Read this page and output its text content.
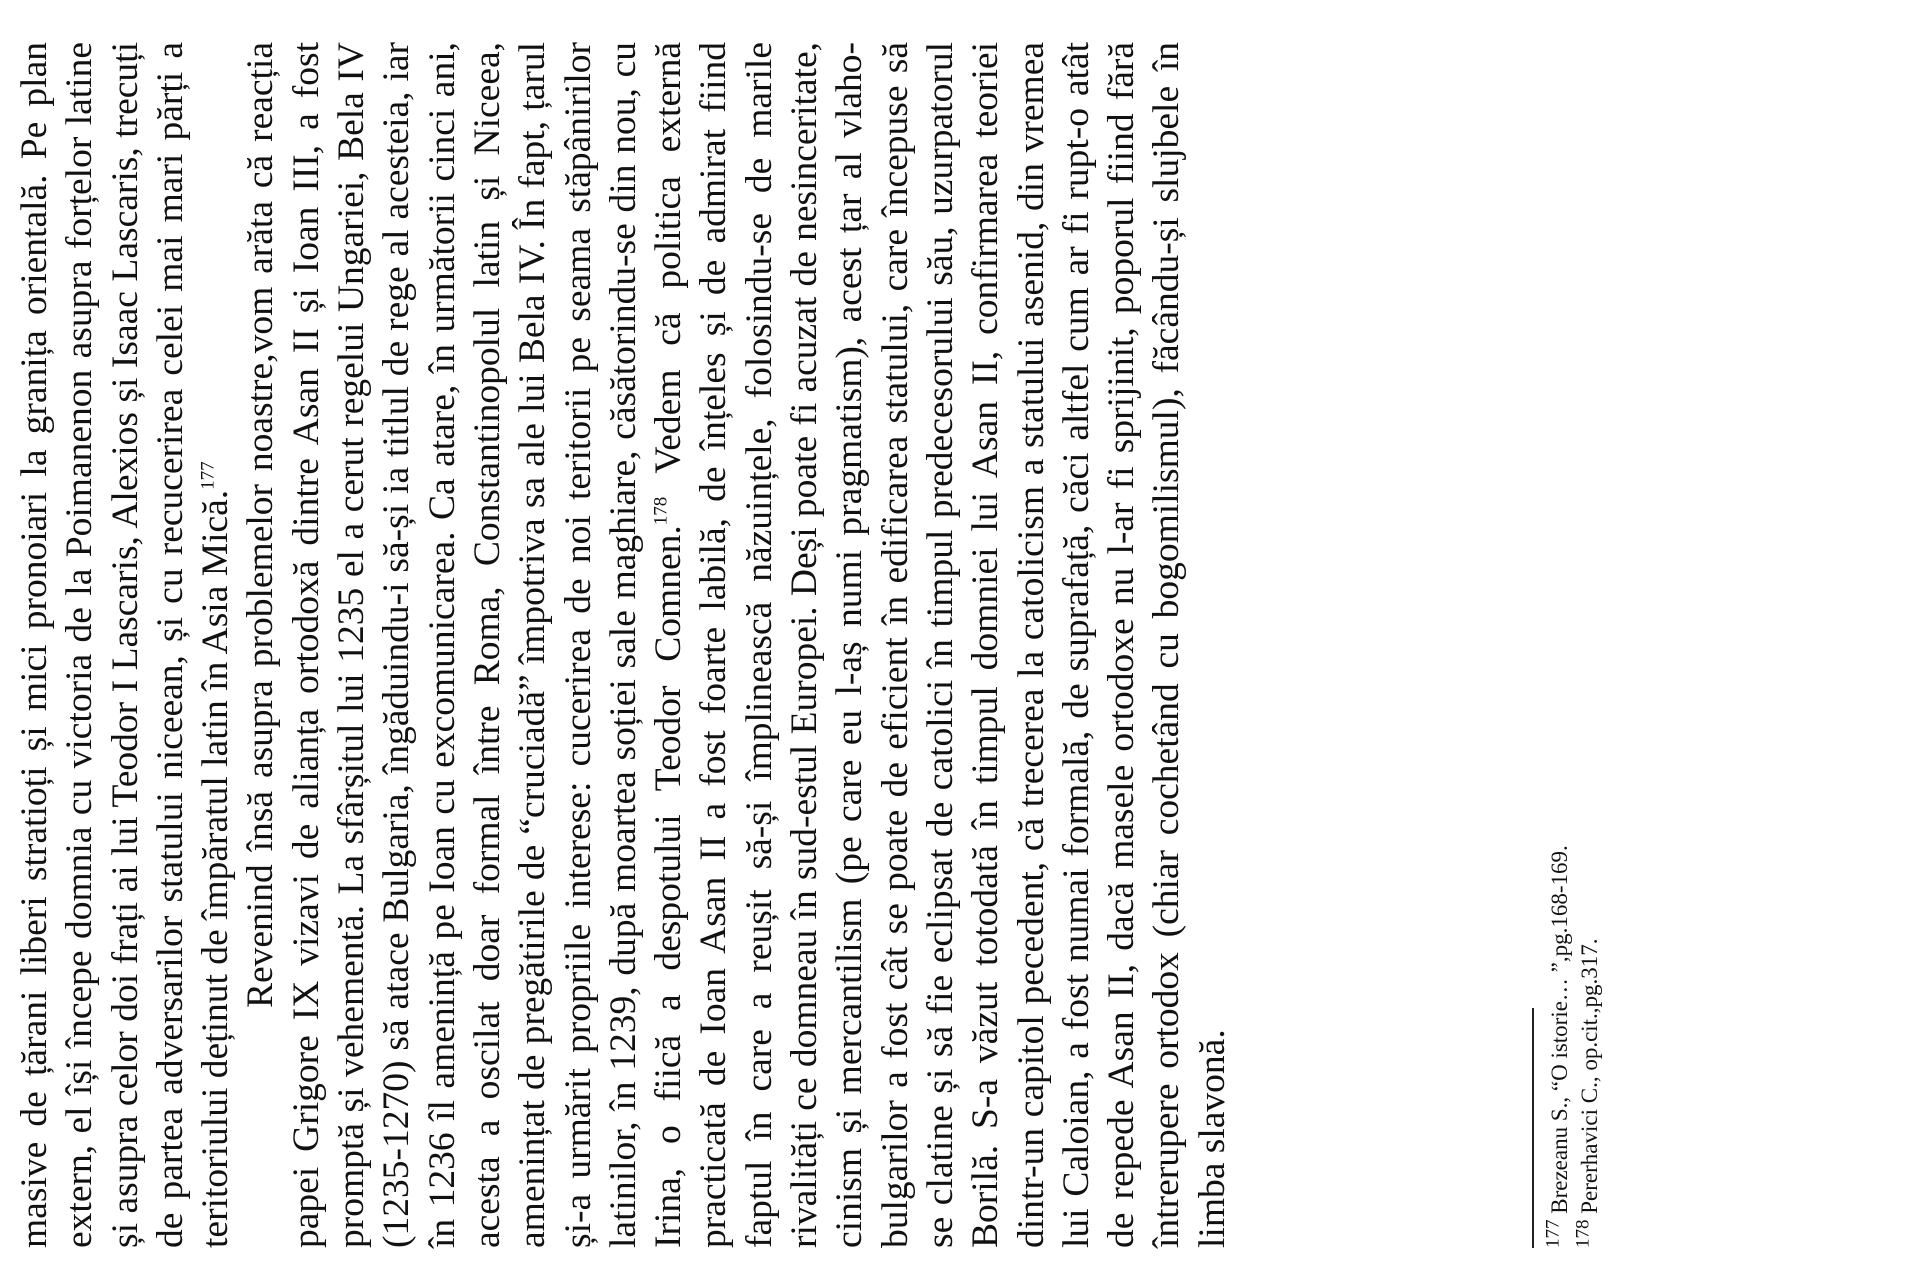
masive de țărani liberi stratioți și mici pronoiari la granița orientală. Pe plan extern, el își începe domnia cu victoria de la Poimanenon asupra forțelor latine și asupra celor doi frați ai lui Teodor I Lascaris, Alexios și Isaac Lascaris, trecuți de partea adversarilor statului niceean, și cu recucerirea celei mai mari părți a teritoriului deținut de împăratul latin în Asia Mică.$^{177}$ Revenind însă asupra problemelor noastre,vom arăta că reacția papei Grigore IX vizavi de alianța ortodoxă dintre Asan II și Ioan III, a fost promptă și vehementă. La sfârșitul lui 1235 el a cerut regelui Ungariei, Bela IV (1235-1270) să atace Bulgaria, îngăduindu-i să-și ia titlul de rege al acesteia, iar în 1236 îl amenință pe Ioan cu excomunicarea. Ca atare, în următorii cinci ani, acesta a oscilat doar formal între Roma, Constantinopolul latin și Niceea, amenințat de pregătirile de “cruciadă” împotriva sa ale lui Bela IV. În fapt, țarul și-a urmărit propriile interese: cucerirea de noi teritorii pe seama stăpânirilor latinilor, în 1239, după moartea soției sale maghiare, căsătorindu-se din nou, cu Irina, o fiică a despotului Teodor Comnen.$^{178}$ Vedem că politica externă practicată de Ioan Asan II a fost foarte labilă, de înțeles și de admirat fiind faptul în care a reușit să-și împlinească năzuințele, folosindu-se de marile rivalități ce domneau în sud-estul Europei. Deși poate fi acuzat de nesinceritate, cinism și mercantilism (pe care eu l-aș numi pragmatism), acest țar al vlaho-bulgarilor a fost cât se poate de eficient în edificarea statului, care începuse să se clatine și să fie eclipsat de catolici în timpul predecesorului său, uzurpatorul Borilă. S-a văzut totodată în timpul domniei lui Asan II, confirmarea teoriei dintr-un capitol pecedent, că trecerea la catolicism a statului asenid, din vremea lui Caloian, a fost numai formală, de suprafață, căci altfel cum ar fi rupt-o atât de repede Asan II, dacă masele ortodoxe nu l-ar fi sprijinit, poporul fiind fără întrerupere ortodox (chiar cochetând cu bogomilismul), făcându-și slujbele în limba slavonă.	$^{177}$ Brezeanu S., “O istorie… ”,pg.168-169.
$^{178}$ Pererhavici C., op.cit.,pg.317.
